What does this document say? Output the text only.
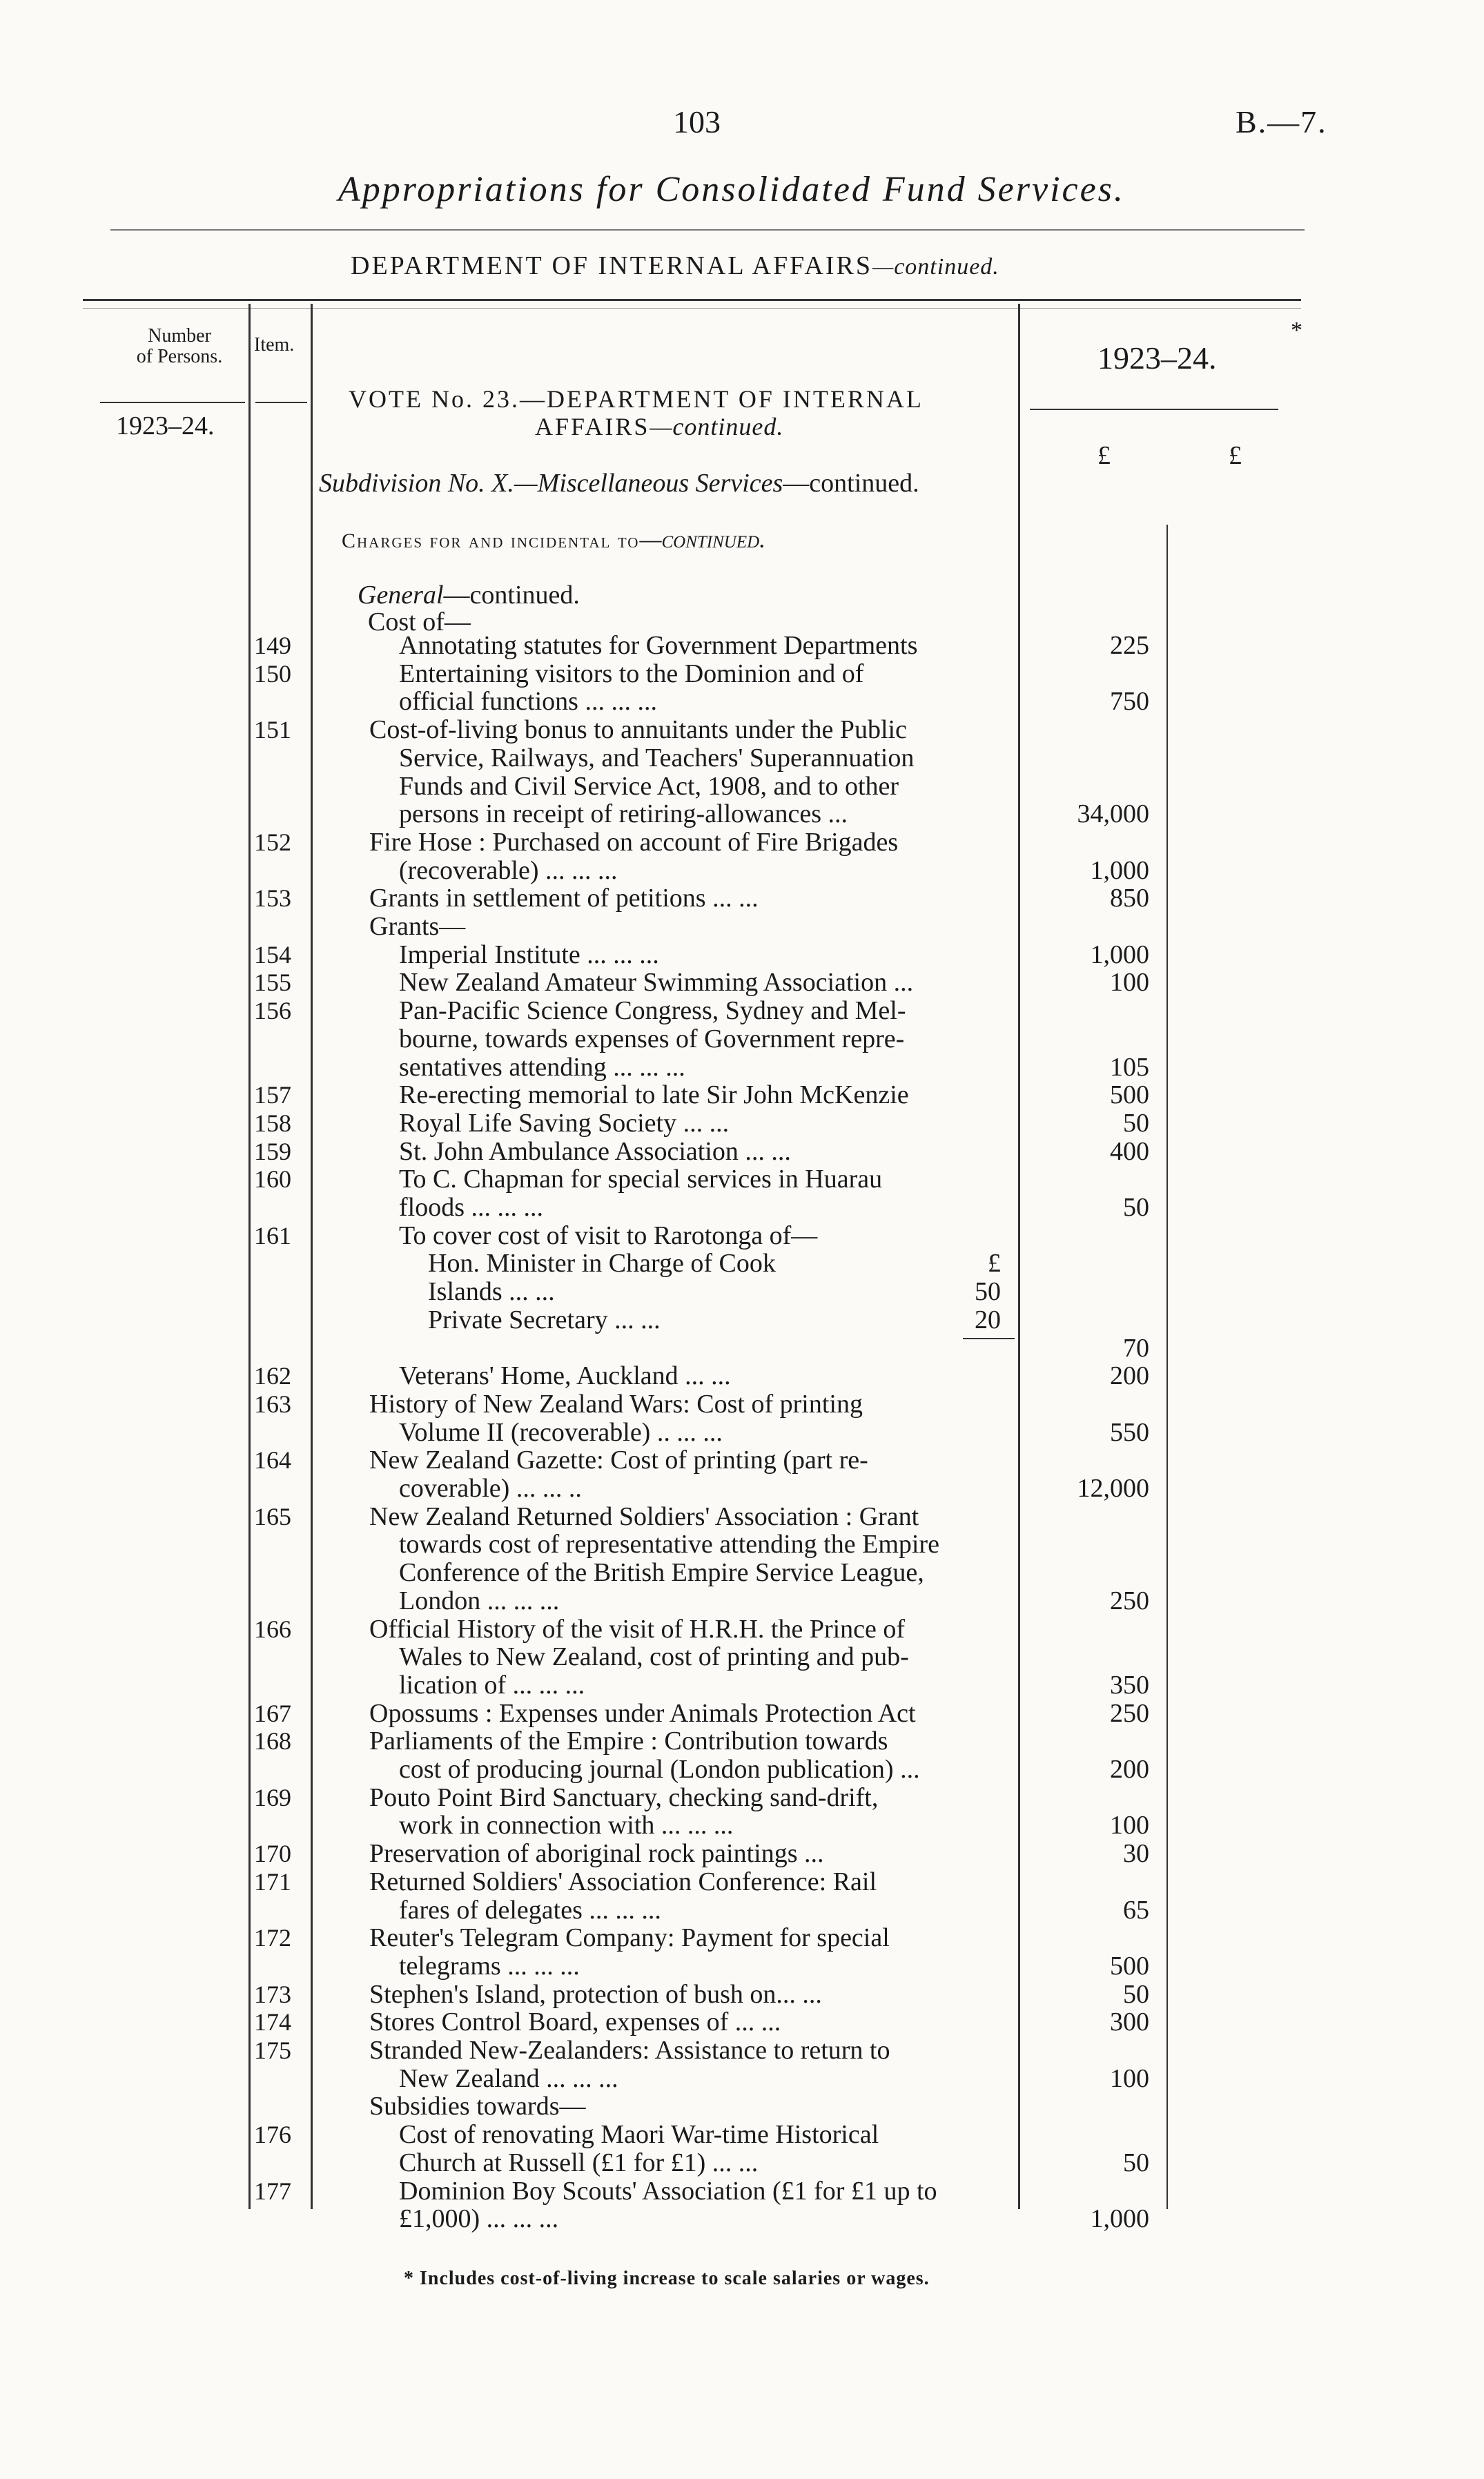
103	B.—7.
Appropriations for Consolidated Fund Services.
DEPARTMENT OF INTERNAL AFFAIRS—continued.
Number
of Persons.
Item.
1923–24.
1923–24.
*
£	£
VOTE No. 23.—DEPARTMENT OF INTERNAL
AFFAIRS—continued.
Subdivision No. X.—Miscellaneous Services—continued.
Charges for and incidental to—continued.
General—continued.
Cost of—
149	Annotating statutes for Government Departments	225
150	Entertaining visitors to the Dominion and of
official functions ... ... ...	750
151	Cost-of-living bonus to annuitants under the Public
Service, Railways, and Teachers' Superannuation
Funds and Civil Service Act, 1908, and to other
persons in receipt of retiring-allowances ...	34,000
152	Fire Hose : Purchased on account of Fire Brigades
(recoverable) ... ... ...	1,000
153	Grants in settlement of petitions ... ...	850
Grants—
154	Imperial Institute ... ... ...	1,000
155	New Zealand Amateur Swimming Association ...	100
156	Pan-Pacific Science Congress, Sydney and Mel-
bourne, towards expenses of Government repre-
sentatives attending ... ... ...	105
157	Re-erecting memorial to late Sir John McKenzie	500
158	Royal Life Saving Society ... ...	50
159	St. John Ambulance Association ... ...	400
160	To C. Chapman for special services in Huarau
floods ... ... ...	50
161	To cover cost of visit to Rarotonga of—
Hon. Minister in Charge of Cook	£
Islands ... ...	50
Private Secretary ... ...	20
70
162	Veterans' Home, Auckland ... ...	200
163	History of New Zealand Wars: Cost of printing
Volume II (recoverable) .. ... ...	550
164	New Zealand Gazette: Cost of printing (part re-
coverable) ... ... ..	12,000
165	New Zealand Returned Soldiers' Association : Grant
towards cost of representative attending the Empire
Conference of the British Empire Service League,
London ... ... ...	250
166	Official History of the visit of H.R.H. the Prince of
Wales to New Zealand, cost of printing and pub-
lication of ... ... ...	350
167	Opossums : Expenses under Animals Protection Act	250
168	Parliaments of the Empire : Contribution towards
cost of producing journal (London publication) ...	200
169	Pouto Point Bird Sanctuary, checking sand-drift,
work in connection with ... ... ...	100
170	Preservation of aboriginal rock paintings ...	30
171	Returned Soldiers' Association Conference: Rail
fares of delegates ... ... ...	65
172	Reuter's Telegram Company: Payment for special
telegrams ... ... ...	500
173	Stephen's Island, protection of bush on... ...	50
174	Stores Control Board, expenses of ... ...	300
175	Stranded New-Zealanders: Assistance to return to
New Zealand ... ... ...	100
Subsidies towards—
176	Cost of renovating Maori War-time Historical
Church at Russell (£1 for £1) ... ...	50
177	Dominion Boy Scouts' Association (£1 for £1 up to
£1,000) ... ... ...	1,000
* Includes cost-of-living increase to scale salaries or wages.
